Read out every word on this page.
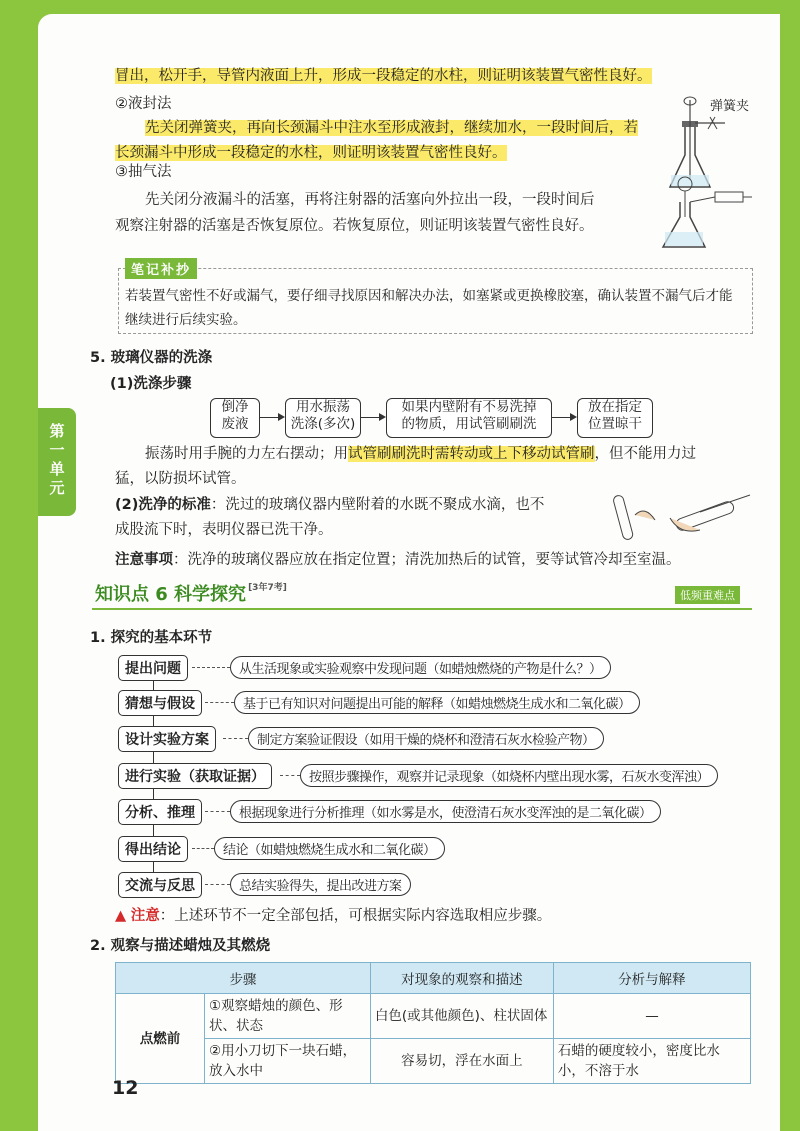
冒出，松开手，导管内液面上升，形成一段稳定的水柱，则证明该装置气密性良好。
②液封法
先关闭弹簧夹，再向长颈漏斗中注水至形成液封，继续加水，一段时间后，若
长颈漏斗中形成一段稳定的水柱，则证明该装置气密性良好。
③抽气法
先关闭分液漏斗的活塞，再将注射器的活塞向外拉出一段，一段时间后
观察注射器的活塞是否恢复原位。若恢复原位，则证明该装置气密性良好。
弹簧夹
笔记补抄
若装置气密性不好或漏气，要仔细寻找原因和解决办法，如塞紧或更换橡胶塞，确认装置不漏气后才能
继续进行后续实验。
第一单元
5. 玻璃仪器的洗涤
(1)洗涤步骤
倒净
废液
用水振荡
洗涤(多次)
如果内壁附有不易洗掉
的物质，用试管刷刷洗
放在指定
位置晾干
振荡时用手腕的力左右摆动；用试管刷刷洗时需转动或上下移动试管刷，但不能用力过
猛，以防损坏试管。
(2)洗净的标准：洗过的玻璃仪器内壁附着的水既不聚成水滴，也不
成股流下时，表明仪器已洗干净。
注意事项：洗净的玻璃仪器应放在指定位置；清洗加热后的试管，要等试管冷却至室温。
知识点 6 科学探究 [3年7考]
低频重难点
1. 探究的基本环节
提出问题	从生活现象或实验观察中发现问题（如蜡烛燃烧的产物是什么？）
猜想与假设	基于已有知识对问题提出可能的解释（如蜡烛燃烧生成水和二氧化碳）
设计实验方案	制定方案验证假设（如用干燥的烧杯和澄清石灰水检验产物）
进行实验（获取证据）	按照步骤操作，观察并记录现象（如烧杯内壁出现水雾，石灰水变浑浊）
分析、推理	根据现象进行分析推理（如水雾是水，使澄清石灰水变浑浊的是二氧化碳）
得出结论	结论（如蜡烛燃烧生成水和二氧化碳）
交流与反思	总结实验得失，提出改进方案
▲ 注意：上述环节不一定全部包括，可根据实际内容选取相应步骤。
2. 观察与描述蜡烛及其燃烧
步骤		对现象的观察和描述	分析与解释
点燃前	①观察蜡烛的颜色、形状、状态	白色(或其他颜色)、柱状固体	—
	②用小刀切下一块石蜡，放入水中	容易切，浮在水面上	石蜡的硬度较小，密度比水小，不溶于水
12
